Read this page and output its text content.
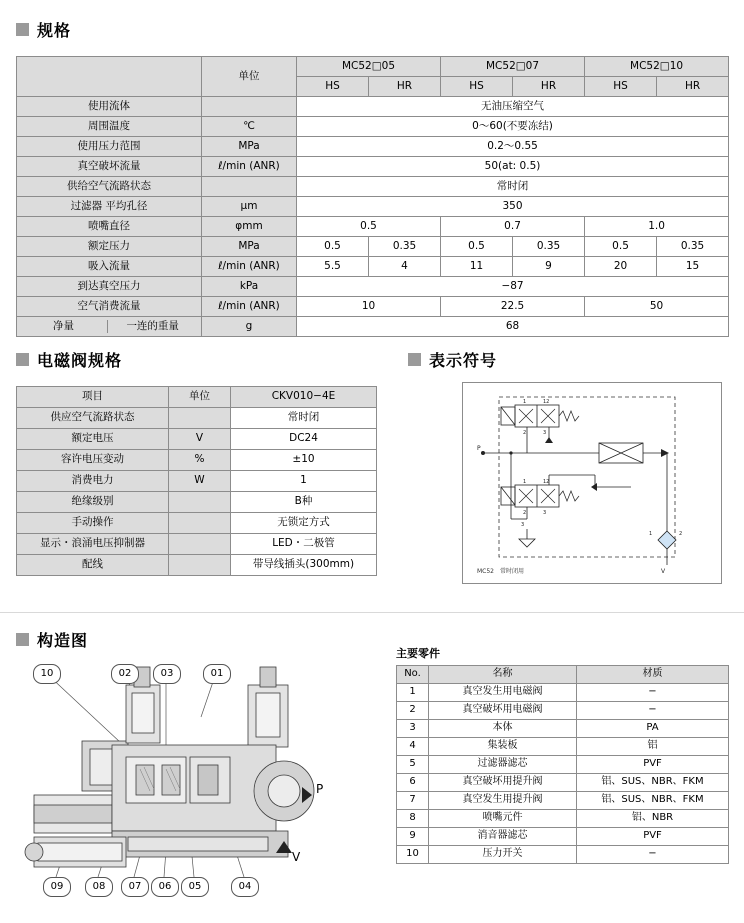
规格
	单位	MC52□05		MC52□07		MC52□10	
		HS	HR	HS	HR	HS	HR
使用流体		无油压缩空气					
周围温度	℃	0～60(不要冻结)					
使用压力范围	MPa	0.2～0.55					
真空破坏流量	ℓ/min (ANR)	50(at: 0.5)					
供给空气流路状态		常时闭					
过滤器 平均孔径	μm	350					
喷嘴直径	φmm	0.5		0.7		1.0	
额定压力	MPa	0.5	0.35	0.5	0.35	0.5	0.35
吸入流量	ℓ/min (ANR)	5.5	4	11	9	20	15
到达真空压力	kPa	−87					
空气消费流量	ℓ/min (ANR)	10		22.5		50	
净量 一连的重量	g	68					
电磁阀规格
项目	单位	CKV010−4E
供应空气流路状态		常时闭
额定电压	V	DC24
容许电压变动	%	±10
消费电力	W	1
绝缘级别		B种
手动操作		无锁定方式
显示・浪涌电压抑制器		LED・二极管
配线		带导线插头(300mm)
表示符号
1	12
2	3
P
1	12
2	3
3
1	2
V
MC52　常时闭用
构造图
P
V
10	02	03	01
09	08	07	06	05	04
主要零件
No.	名称	材质
1	真空发生用电磁阀	−
2	真空破坏用电磁阀	−
3	本体	PA
4	集装板	铝
5	过滤器滤芯	PVF
6	真空破坏用提升阀	铝、SUS、NBR、FKM
7	真空发生用提升阀	铝、SUS、NBR、FKM
8	喷嘴元件	铝、NBR
9	消音器滤芯	PVF
10	压力开关	−
